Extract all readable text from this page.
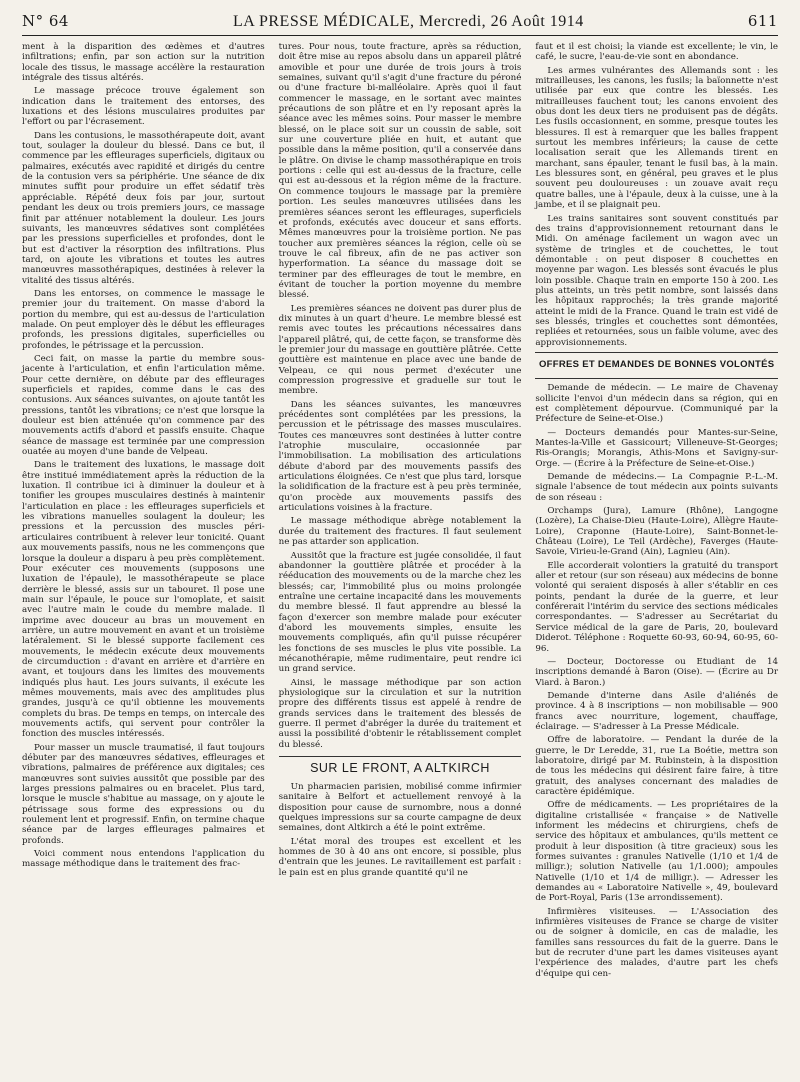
N° 64	LA PRESSE MÉDICALE, Mercredi, 26 Août 1914	611

ment à la disparition des œdèmes et d'autres infiltrations; enfin, par son action sur la nutrition locale des tissus, le massage accélère la restauration intégrale des tissus altérés.

Le massage précoce trouve également son indication dans le traitement des entorses, des luxations et des lésions musculaires produites par l'effort ou par l'écrasement.

Dans les contusions, le massothérapeute doit, avant tout, soulager la douleur du blessé. Dans ce but, il commence par les effleurages superficiels, digitaux ou palmaires, exécutés avec rapidité et dirigés du centre de la contusion vers sa périphérie. Une séance de dix minutes suffit pour produire un effet sédatif très appréciable. Répété deux fois par jour, surtout pendant les deux ou trois premiers jours, ce massage finit par atténuer notablement la douleur. Les jours suivants, les manœuvres sédatives sont complétées par les pressions superficielles et profondes, dont le but est d'activer la résorption des infiltrations. Plus tard, on ajoute les vibrations et toutes les autres manœuvres massothérapiques, destinées à relever la vitalité des tissus altérés.

Dans les entorses, on commence le massage le premier jour du traitement. On masse d'abord la portion du membre, qui est au-dessus de l'articulation malade. On peut employer dès le début les effleurages profonds, les pressions digitales, superficielles ou profondes, le pétrissage et la percussion.

Ceci fait, on masse la partie du membre sous-jacente à l'articulation, et enfin l'articulation même. Pour cette dernière, on débute par des effleurages superficiels et rapides, comme dans le cas des contusions. Aux séances suivantes, on ajoute tantôt les pressions, tantôt les vibrations; ce n'est que lorsque la douleur est bien atténuée qu'on commence par des mouvements actifs d'abord et passifs ensuite. Chaque séance de massage est terminée par une compression ouatée au moyen d'une bande de Velpeau.

Dans le traitement des luxations, le massage doit être institué immédiatement après la réduction de la luxation. Il contribue ici à diminuer la douleur et à tonifier les groupes musculaires destinés à maintenir l'articulation en place : les effleurages superficiels et les vibrations manuelles soulagent la douleur; les pressions et la percussion des muscles péri-articulaires contribuent à relever leur tonicité. Quant aux mouvements passifs, nous ne les commençons que lorsque la douleur a disparu à peu près complètement. Pour exécuter ces mouvements (supposons une luxation de l'épaule), le massothérapeute se place derrière le blessé, assis sur un tabouret. Il pose une main sur l'épaule, le pouce sur l'omoplate, et saisit avec l'autre main le coude du membre malade. Il imprime avec douceur au bras un mouvement en arrière, un autre mouvement en avant et un troisième latéralement. Si le blessé supporte facilement ces mouvements, le médecin exécute deux mouvements de circumduction : d'avant en arrière et d'arrière en avant, et toujours dans les limites des mouvements indiqués plus haut. Les jours suivants, il exécute les mêmes mouvements, mais avec des amplitudes plus grandes, jusqu'à ce qu'il obtienne les mouvements complets du bras. De temps en temps, on intercale des mouvements actifs, qui servent pour contrôler la fonction des muscles intéressés.

Pour masser un muscle traumatisé, il faut toujours débuter par des manœuvres sédatives, effleurages et vibrations, palmaires de préférence aux digitales; ces manœuvres sont suivies aussitôt que possible par des larges pressions palmaires ou en bracelet. Plus tard, lorsque le muscle s'habitue au massage, on y ajoute le pétrissage sous forme des expressions ou du roulement lent et progressif. Enfin, on termine chaque séance par de larges effleurages palmaires et profonds.

Voici comment nous entendons l'application du massage méthodique dans le traitement des frac-

tures. Pour nous, toute fracture, après sa réduction, doit être mise au repos absolu dans un appareil plâtré amovible et pour une durée de trois jours à trois semaines, suivant qu'il s'agit d'une fracture du péroné ou d'une fracture bi-malléolaire. Après quoi il faut commencer le massage, en le sortant avec maintes précautions de son plâtre et en l'y reposant après la séance avec les mêmes soins. Pour masser le membre blessé, on le place soit sur un coussin de sable, soit sur une couverture pliée en huit, et autant que possible dans la même position, qu'il a conservée dans le plâtre. On divise le champ massothérapique en trois portions : celle qui est au-dessus de la fracture, celle qui est au-dessous et la région même de la fracture. On commence toujours le massage par la première portion. Les seules manœuvres utilisées dans les premières séances seront les effleurages, superficiels et profonds, exécutés avec douceur et sans efforts. Mêmes manœuvres pour la troisième portion. Ne pas toucher aux premières séances la région, celle où se trouve le cal fibreux, afin de ne pas activer son hyperformation. La séance du massage doit se terminer par des effleurages de tout le membre, en évitant de toucher la portion moyenne du membre blessé.

Les premières séances ne doivent pas durer plus de dix minutes à un quart d'heure. Le membre blessé est remis avec toutes les précautions nécessaires dans l'appareil plâtré, qui, de cette façon, se transforme dès le premier jour du massage en gouttière plâtrée. Cette gouttière est maintenue en place avec une bande de Velpeau, ce qui nous permet d'exécuter une compression progressive et graduelle sur tout le membre.

Dans les séances suivantes, les manœuvres précédentes sont complétées par les pressions, la percussion et le pétrissage des masses musculaires. Toutes ces manœuvres sont destinées à lutter contre l'atrophie musculaire, occasionnée par l'immobilisation. La mobilisation des articulations débute d'abord par des mouvements passifs des articulations éloignées. Ce n'est que plus tard, lorsque la solidification de la fracture est à peu près terminée, qu'on procède aux mouvements passifs des articulations voisines à la fracture.

Le massage méthodique abrège notablement la durée du traitement des fractures. Il faut seulement ne pas attarder son application.

Aussitôt que la fracture est jugée consolidée, il faut abandonner la gouttière plâtrée et procéder à la rééducation des mouvements ou de la marche chez les blessés; car, l'immobilité plus ou moins prolongée entraîne une certaine incapacité dans les mouvements du membre blessé. Il faut apprendre au blessé la façon d'exercer son membre malade pour exécuter d'abord les mouvements simples, ensuite les mouvements compliqués, afin qu'il puisse récupérer les fonctions de ses muscles le plus vite possible. La mécanothérapie, même rudimentaire, peut rendre ici un grand service.

Ainsi, le massage méthodique par son action physiologique sur la circulation et sur la nutrition propre des différents tissus est appelé à rendre de grands services dans le traitement des blessés de guerre. Il permet d'abréger la durée du traitement et aussi la possibilité d'obtenir le rétablissement complet du blessé.

SUR LE FRONT, A ALTKIRCH

Un pharmacien parisien, mobilisé comme infirmier sanitaire à Belfort et actuellement renvoyé à la disposition pour cause de surnombre, nous a donné quelques impressions sur sa courte campagne de deux semaines, dont Altkirch a été le point extrême.

L'état moral des troupes est excellent et les hommes de 30 à 40 ans ont encore, si possible, plus d'entrain que les jeunes. Le ravitaillement est parfait : le pain est en plus grande quantité qu'il ne

faut et il est choisi; la viande est excellente; le vin, le café, le sucre, l'eau-de-vie sont en abondance.

Les armes vulnérantes des Allemands sont : les mitrailleuses, les canons, les fusils; la baïonnette n'est utilisée par eux que contre les blessés. Les mitrailleuses fauchent tout; les canons envoient des obus dont les deux tiers ne produisent pas de dégâts. Les fusils occasionnent, en somme, presque toutes les blessures. Il est à remarquer que les balles frappent surtout les membres inférieurs; la cause de cette localisation serait que les Allemands tirent en marchant, sans épauler, tenant le fusil bas, à la main. Les blessures sont, en général, peu graves et le plus souvent peu douloureuses : un zouave avait reçu quatre balles, une à l'épaule, deux à la cuisse, une à la jambe, et il se plaignait peu.

Les trains sanitaires sont souvent constitués par des trains d'approvisionnement retournant dans le Midi. On aménage facilement un wagon avec un système de tringles et de couchettes, le tout démontable : on peut disposer 8 couchettes en moyenne par wagon. Les blessés sont évacués le plus loin possible. Chaque train en emporte 150 à 200. Les plus atteints, un très petit nombre, sont laissés dans les hôpitaux rapprochés; la très grande majorité atteint le midi de la France. Quand le train est vidé de ses blessés, tringles et couchettes sont démontées, repliées et retournées, sous un faible volume, avec des approvisionnements.

OFFRES ET DEMANDES DE BONNES VOLONTÉS

Demande de médecin. — Le maire de Chavenay sollicite l'envoi d'un médecin dans sa région, qui en est complètement dépourvue. (Communiqué par la Préfecture de Seine-et-Oise.)

— Docteurs demandés pour Mantes-sur-Seine, Mantes-la-Ville et Gassicourt; Villeneuve-St-Georges; Ris-Orangis; Morangis, Athis-Mons et Savigny-sur-Orge. — (Écrire à la Préfecture de Seine-et-Oise.)

Demande de médecins.— La Compagnie P.-L.-M. signale l'absence de tout médecin aux points suivants de son réseau :

Orchamps (Jura), Lamure (Rhône), Langogne (Lozère), La Chaise-Dieu (Haute-Loire), Allègre Haute-Loire), Craponne (Haute-Loire), Saint-Bonnet-le-Château (Loire), Le Teil (Ardèche), Faverges (Haute-Savoie, Virieu-le-Grand (Ain), Lagnieu (Ain).

Elle accorderait volontiers la gratuité du transport aller et retour (sur son réseau) aux médecins de bonne volonté qui seraient disposés à aller s'établir en ces points, pendant la durée de la guerre, et leur conférerait l'intérim du service des sections médicales correspondantes. — S'adresser au Secrétariat du Service médical de la gare de Paris, 20, boulevard Diderot. Téléphone : Roquette 60-93, 60-94, 60-95, 60-96.

— Docteur, Doctoresse ou Etudiant de 14 inscriptions demandé à Baron (Oise). — (Écrire au Dr Viard. à Baron.)

Demande d'interne dans Asile d'aliénés de province. 4 à 8 inscriptions — non mobilisable — 900 francs avec nourriture, logement, chauffage, éclairage. — S'adresser à La Presse Médicale.

Offre de laboratoire. — Pendant la durée de la guerre, le Dr Leredde, 31, rue La Boétie, mettra son laboratoire, dirigé par M. Rubinstein, à la disposition de tous les médecins qui désirent faire faire, à titre gratuit, des analyses concernant des maladies de caractère épidémique.

Offre de médicaments. — Les propriétaires de la digitaline cristallisée « française » de Nativelle informent les médecins et chirurgiens, chefs de service des hôpitaux et ambulances, qu'ils mettent ce produit à leur disposition (à titre gracieux) sous les formes suivantes : granules Nativelle (1/10 et 1/4 de milligr.); solution Nativelle (au 1/1.000); ampoules Nativelle (1/10 et 1/4 de milligr.). — Adresser les demandes au « Laboratoire Nativelle », 49, boulevard de Port-Royal, Paris (13e arrondissement).

Infirmières visiteuses. — L'Association des infirmières visiteuses de France se charge de visiter ou de soigner à domicile, en cas de maladie, les familles sans ressources du fait de la guerre. Dans le but de recruter d'une part les dames visiteuses ayant l'expérience des malades, d'autre part les chefs d'équipe qui cen-
